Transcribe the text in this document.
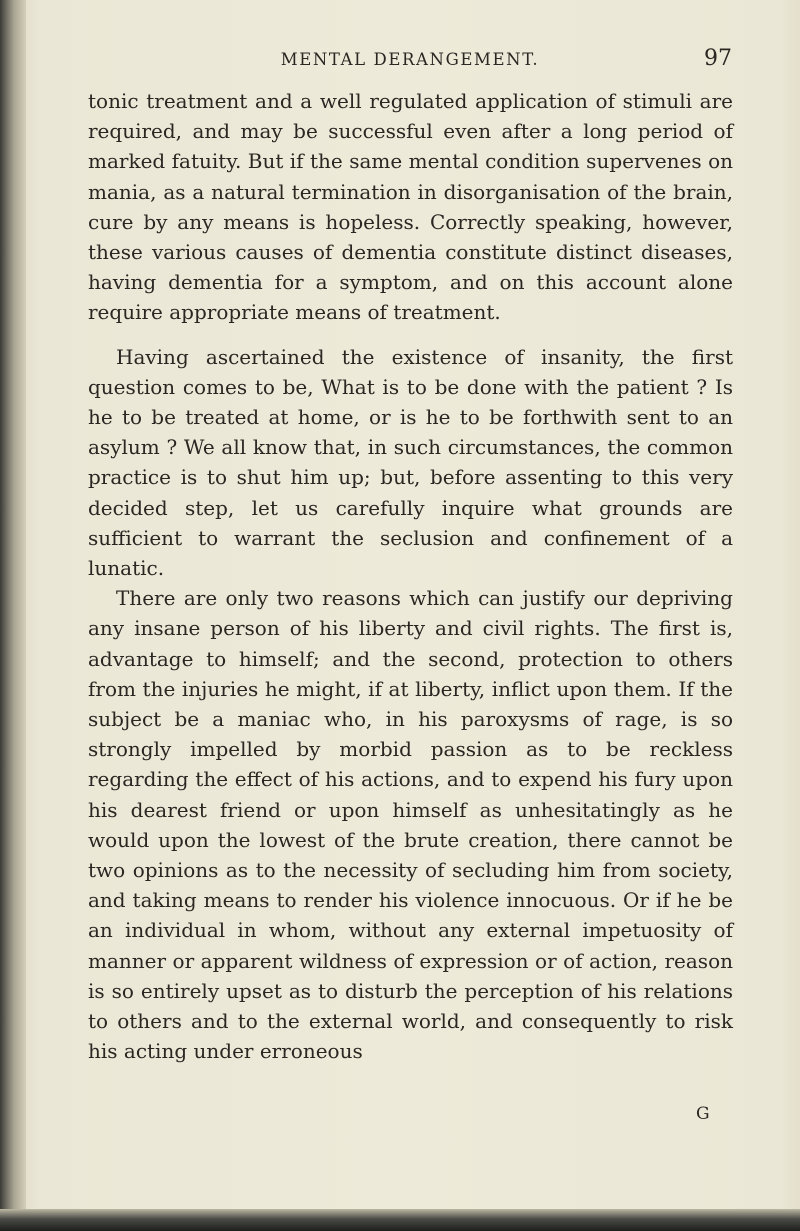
MENTAL DERANGEMENT.	97

tonic treatment and a well regulated application of stimuli are required, and may be successful even after a long period of marked fatuity. But if the same mental condition supervenes on mania, as a natural termination in disorganisation of the brain, cure by any means is hopeless. Correctly speaking, however, these various causes of dementia constitute distinct diseases, having dementia for a symptom, and on this account alone require appropriate means of treatment.

Having ascertained the existence of insanity, the first question comes to be, What is to be done with the patient ? Is he to be treated at home, or is he to be forthwith sent to an asylum ? We all know that, in such circumstances, the common practice is to shut him up; but, before assenting to this very decided step, let us carefully inquire what grounds are sufficient to warrant the seclusion and confinement of a lunatic.

There are only two reasons which can justify our depriving any insane person of his liberty and civil rights. The first is, advantage to himself; and the second, protection to others from the injuries he might, if at liberty, inflict upon them. If the subject be a maniac who, in his paroxysms of rage, is so strongly impelled by morbid passion as to be reckless regarding the effect of his actions, and to expend his fury upon his dearest friend or upon himself as unhesitatingly as he would upon the lowest of the brute creation, there cannot be two opinions as to the necessity of secluding him from society, and taking means to render his violence innocuous. Or if he be an individual in whom, without any external impetuosity of manner or apparent wildness of expression or of action, reason is so entirely upset as to disturb the perception of his relations to others and to the external world, and consequently to risk his acting under erroneous

G
